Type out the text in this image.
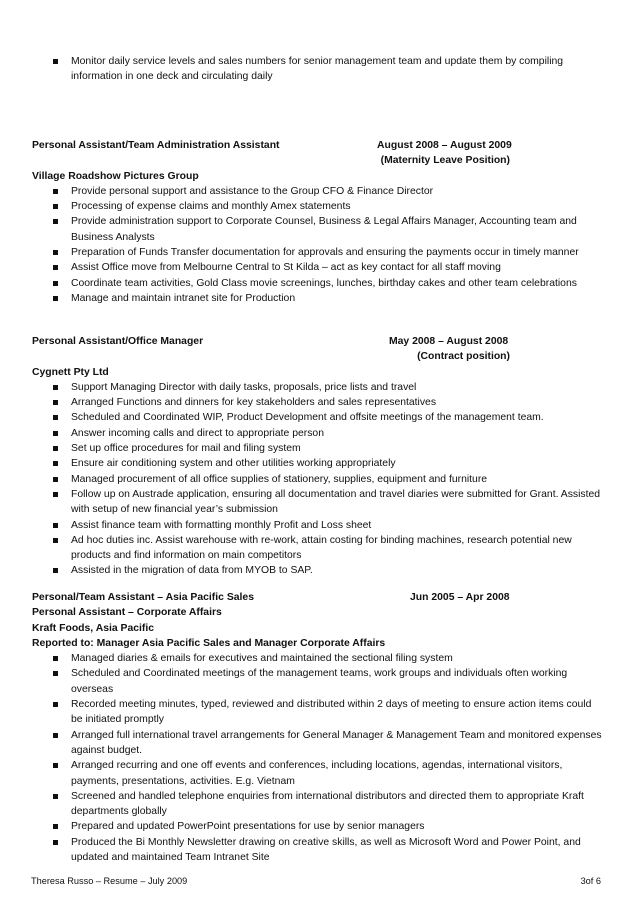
Monitor daily service levels and sales numbers for senior management team and update them by compiling information in one deck and circulating daily
Personal Assistant/Team Administration Assistant	August 2008 – August 2009
(Maternity Leave Position)
Village Roadshow Pictures Group
Provide personal support and assistance to the Group CFO & Finance Director
Processing of expense claims and monthly Amex statements
Provide administration support to Corporate Counsel, Business & Legal Affairs Manager, Accounting team and Business Analysts
Preparation of Funds Transfer documentation for approvals and ensuring the payments occur in timely manner
Assist Office move from Melbourne Central to St Kilda – act as key contact for all staff moving
Coordinate team activities, Gold Class movie screenings, lunches, birthday cakes and other team celebrations
Manage and maintain intranet site for Production
Personal Assistant/Office Manager	May 2008 – August 2008
(Contract position)
Cygnett Pty Ltd
Support Managing Director with daily tasks, proposals, price lists and travel
Arranged Functions and dinners for key stakeholders and sales representatives
Scheduled and Coordinated WIP, Product Development and offsite meetings of the management team.
Answer incoming calls and direct to appropriate person
Set up office procedures for mail and filing system
Ensure air conditioning system and other utilities working appropriately
Managed procurement of all office supplies of stationery, supplies, equipment and furniture
Follow up on Austrade application, ensuring all documentation and travel diaries were submitted for Grant. Assisted with setup of new financial year’s submission
Assist finance team with formatting monthly Profit and Loss sheet
Ad hoc duties inc. Assist warehouse with re-work, attain costing for binding machines, research potential new products and find information on main competitors
Assisted in the migration of data from MYOB to SAP.
Personal/Team Assistant – Asia Pacific Sales	Jun 2005 – Apr 2008
Personal Assistant – Corporate Affairs
Kraft Foods, Asia Pacific
Reported to: Manager Asia Pacific Sales and Manager Corporate Affairs
Managed diaries & emails for executives and maintained the sectional filing system
Scheduled and Coordinated meetings of the management teams, work groups and individuals often working overseas
Recorded meeting minutes, typed, reviewed and distributed within 2 days of meeting to ensure action items could be initiated promptly
Arranged full international travel arrangements for General Manager & Management Team and monitored expenses against budget.
Arranged recurring and one off events and conferences, including locations, agendas, international visitors, payments, presentations, activities. E.g. Vietnam
Screened and handled telephone enquiries from international distributors and directed them to appropriate Kraft departments globally
Prepared and updated PowerPoint presentations for use by senior managers
Produced the Bi Monthly Newsletter drawing on creative skills, as well as Microsoft Word and Power Point, and updated and maintained Team Intranet Site
Theresa Russo – Resume – July 2009	3of 6
